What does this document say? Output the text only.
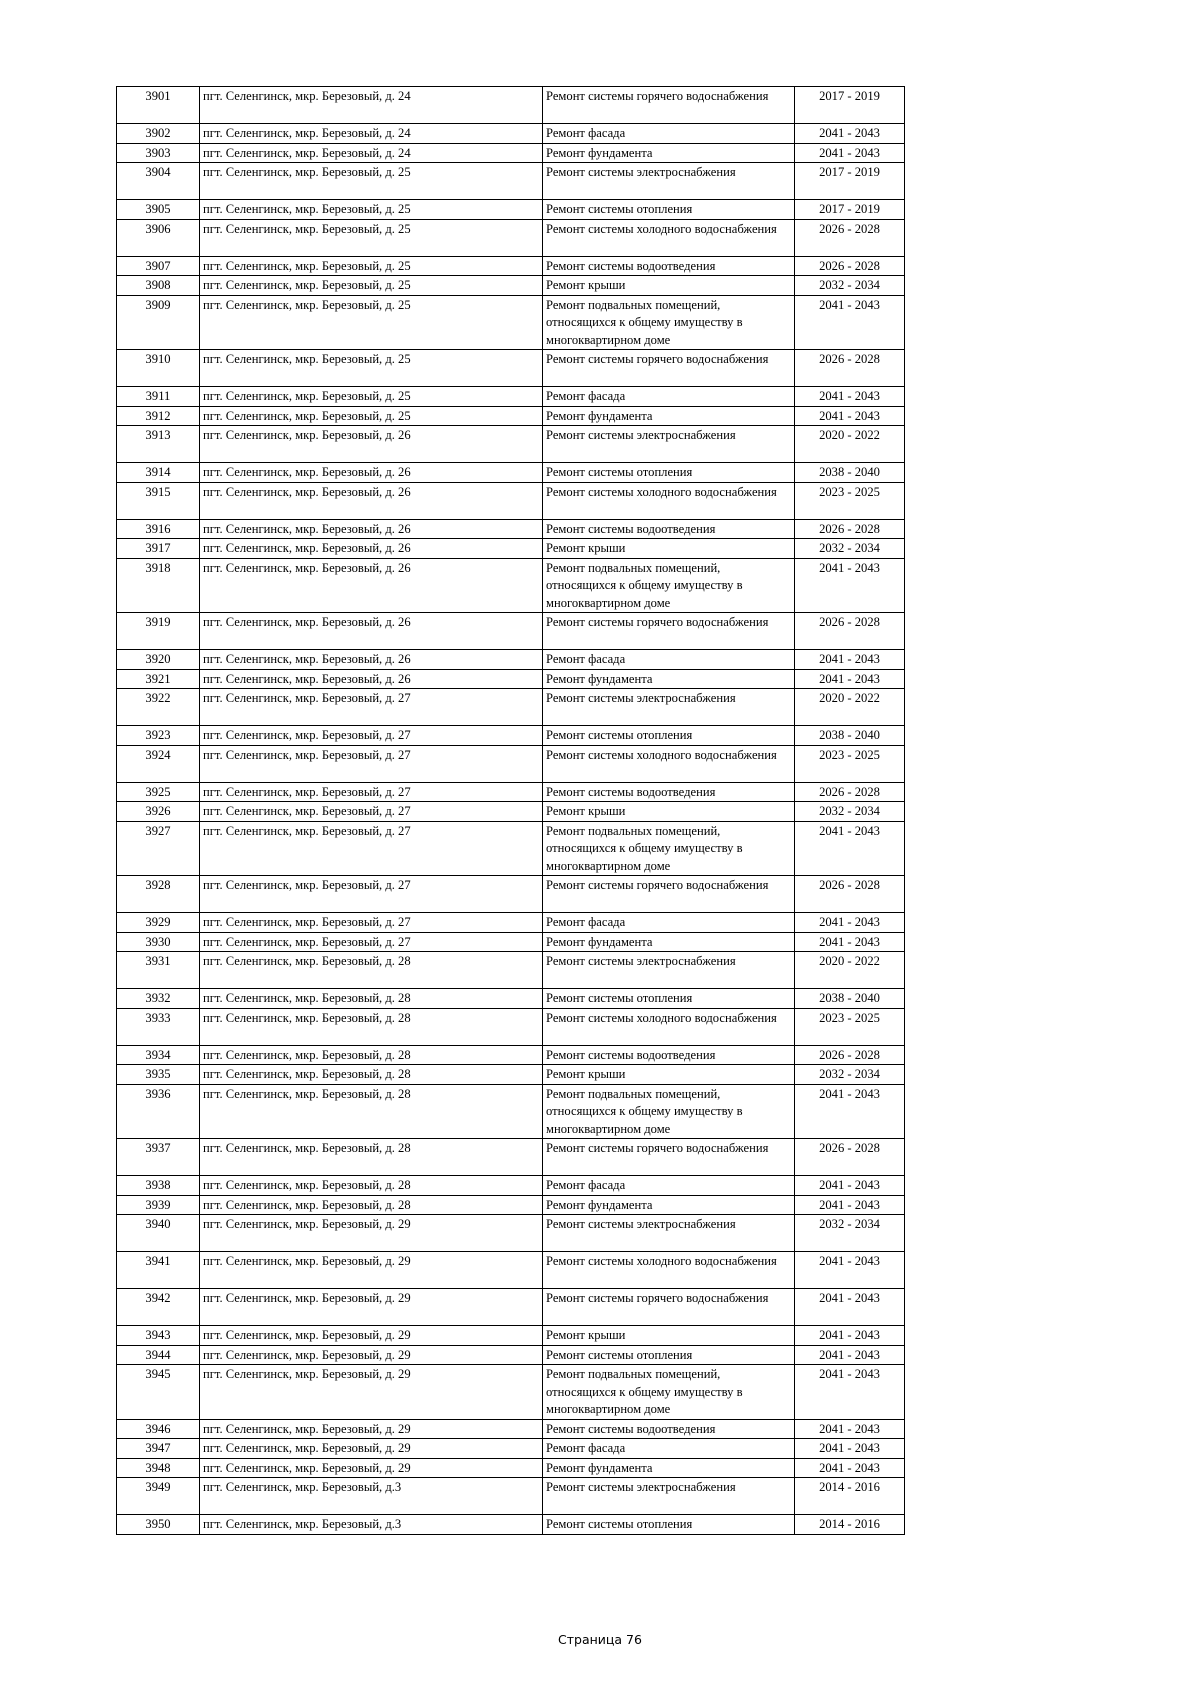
3901	пгт. Селенгинск, мкр. Березовый, д. 24	Ремонт системы горячего водоснабжения	2017 - 2019
3902	пгт. Селенгинск, мкр. Березовый, д. 24	Ремонт фасада	2041 - 2043
3903	пгт. Селенгинск, мкр. Березовый, д. 24	Ремонт фундамента	2041 - 2043
3904	пгт. Селенгинск, мкр. Березовый, д. 25	Ремонт системы электроснабжения	2017 - 2019
3905	пгт. Селенгинск, мкр. Березовый, д. 25	Ремонт системы отопления	2017 - 2019
3906	пгт. Селенгинск, мкр. Березовый, д. 25	Ремонт системы холодного водоснабжения	2026 - 2028
3907	пгт. Селенгинск, мкр. Березовый, д. 25	Ремонт системы водоотведения	2026 - 2028
3908	пгт. Селенгинск, мкр. Березовый, д. 25	Ремонт крыши	2032 - 2034
3909	пгт. Селенгинск, мкр. Березовый, д. 25	Ремонт подвальных помещений, относящихся к общему имуществу в многоквартирном доме	2041 - 2043
3910	пгт. Селенгинск, мкр. Березовый, д. 25	Ремонт системы горячего водоснабжения	2026 - 2028
3911	пгт. Селенгинск, мкр. Березовый, д. 25	Ремонт фасада	2041 - 2043
3912	пгт. Селенгинск, мкр. Березовый, д. 25	Ремонт фундамента	2041 - 2043
3913	пгт. Селенгинск, мкр. Березовый, д. 26	Ремонт системы электроснабжения	2020 - 2022
3914	пгт. Селенгинск, мкр. Березовый, д. 26	Ремонт системы отопления	2038 - 2040
3915	пгт. Селенгинск, мкр. Березовый, д. 26	Ремонт системы холодного водоснабжения	2023 - 2025
3916	пгт. Селенгинск, мкр. Березовый, д. 26	Ремонт системы водоотведения	2026 - 2028
3917	пгт. Селенгинск, мкр. Березовый, д. 26	Ремонт крыши	2032 - 2034
3918	пгт. Селенгинск, мкр. Березовый, д. 26	Ремонт подвальных помещений, относящихся к общему имуществу в многоквартирном доме	2041 - 2043
3919	пгт. Селенгинск, мкр. Березовый, д. 26	Ремонт системы горячего водоснабжения	2026 - 2028
3920	пгт. Селенгинск, мкр. Березовый, д. 26	Ремонт фасада	2041 - 2043
3921	пгт. Селенгинск, мкр. Березовый, д. 26	Ремонт фундамента	2041 - 2043
3922	пгт. Селенгинск, мкр. Березовый, д. 27	Ремонт системы электроснабжения	2020 - 2022
3923	пгт. Селенгинск, мкр. Березовый, д. 27	Ремонт системы отопления	2038 - 2040
3924	пгт. Селенгинск, мкр. Березовый, д. 27	Ремонт системы холодного водоснабжения	2023 - 2025
3925	пгт. Селенгинск, мкр. Березовый, д. 27	Ремонт системы водоотведения	2026 - 2028
3926	пгт. Селенгинск, мкр. Березовый, д. 27	Ремонт крыши	2032 - 2034
3927	пгт. Селенгинск, мкр. Березовый, д. 27	Ремонт подвальных помещений, относящихся к общему имуществу в многоквартирном доме	2041 - 2043
3928	пгт. Селенгинск, мкр. Березовый, д. 27	Ремонт системы горячего водоснабжения	2026 - 2028
3929	пгт. Селенгинск, мкр. Березовый, д. 27	Ремонт фасада	2041 - 2043
3930	пгт. Селенгинск, мкр. Березовый, д. 27	Ремонт фундамента	2041 - 2043
3931	пгт. Селенгинск, мкр. Березовый, д. 28	Ремонт системы электроснабжения	2020 - 2022
3932	пгт. Селенгинск, мкр. Березовый, д. 28	Ремонт системы отопления	2038 - 2040
3933	пгт. Селенгинск, мкр. Березовый, д. 28	Ремонт системы холодного водоснабжения	2023 - 2025
3934	пгт. Селенгинск, мкр. Березовый, д. 28	Ремонт системы водоотведения	2026 - 2028
3935	пгт. Селенгинск, мкр. Березовый, д. 28	Ремонт крыши	2032 - 2034
3936	пгт. Селенгинск, мкр. Березовый, д. 28	Ремонт подвальных помещений, относящихся к общему имуществу в многоквартирном доме	2041 - 2043
3937	пгт. Селенгинск, мкр. Березовый, д. 28	Ремонт системы горячего водоснабжения	2026 - 2028
3938	пгт. Селенгинск, мкр. Березовый, д. 28	Ремонт фасада	2041 - 2043
3939	пгт. Селенгинск, мкр. Березовый, д. 28	Ремонт фундамента	2041 - 2043
3940	пгт. Селенгинск, мкр. Березовый, д. 29	Ремонт системы электроснабжения	2032 - 2034
3941	пгт. Селенгинск, мкр. Березовый, д. 29	Ремонт системы холодного водоснабжения	2041 - 2043
3942	пгт. Селенгинск, мкр. Березовый, д. 29	Ремонт системы горячего водоснабжения	2041 - 2043
3943	пгт. Селенгинск, мкр. Березовый, д. 29	Ремонт крыши	2041 - 2043
3944	пгт. Селенгинск, мкр. Березовый, д. 29	Ремонт системы отопления	2041 - 2043
3945	пгт. Селенгинск, мкр. Березовый, д. 29	Ремонт подвальных помещений, относящихся к общему имуществу в многоквартирном доме	2041 - 2043
3946	пгт. Селенгинск, мкр. Березовый, д. 29	Ремонт системы водоотведения	2041 - 2043
3947	пгт. Селенгинск, мкр. Березовый, д. 29	Ремонт фасада	2041 - 2043
3948	пгт. Селенгинск, мкр. Березовый, д. 29	Ремонт фундамента	2041 - 2043
3949	пгт. Селенгинск, мкр. Березовый, д.3	Ремонт системы электроснабжения	2014 - 2016
3950	пгт. Селенгинск, мкр. Березовый, д.3	Ремонт системы отопления	2014 - 2016
Страница 76
